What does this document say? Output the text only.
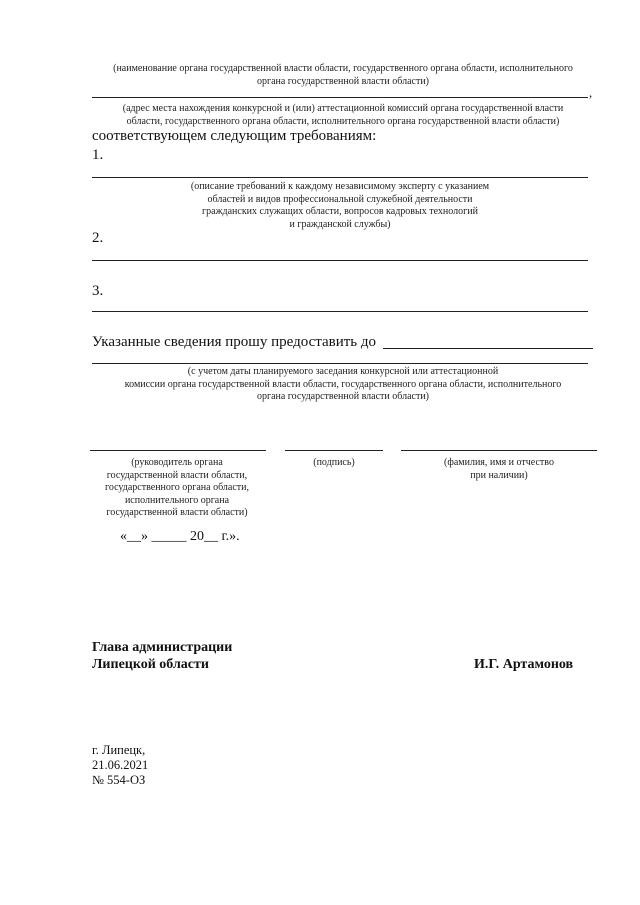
(наименование органа государственной власти области, государственного органа области, исполнительного
органа государственной власти области)
,
(адрес места нахождения конкурсной и (или) аттестационной комиссий органа государственной власти
области, государственного органа области, исполнительного органа государственной власти области)
соответствующем следующим требованиям:
1.
(описание требований к каждому независимому эксперту с указанием
областей и видов профессиональной служебной деятельности
гражданских служащих области, вопросов кадровых технологий
и гражданской службы)
2.
3.
Указанные сведения прошу предоставить до
(с учетом даты планируемого заседания конкурсной или аттестационной
комиссии органа государственной власти области, государственного органа области, исполнительного
органа государственной власти области)
(руководитель органа
государственной власти области,
государственного органа области,
исполнительного органа
государственной власти области)
(подпись)	(фамилия, имя и отчество
при наличии)
«__» _____ 20__ г.».
Глава администрации
Липецкой области	И.Г. Артамонов
г. Липецк,
21.06.2021
№ 554-ОЗ
